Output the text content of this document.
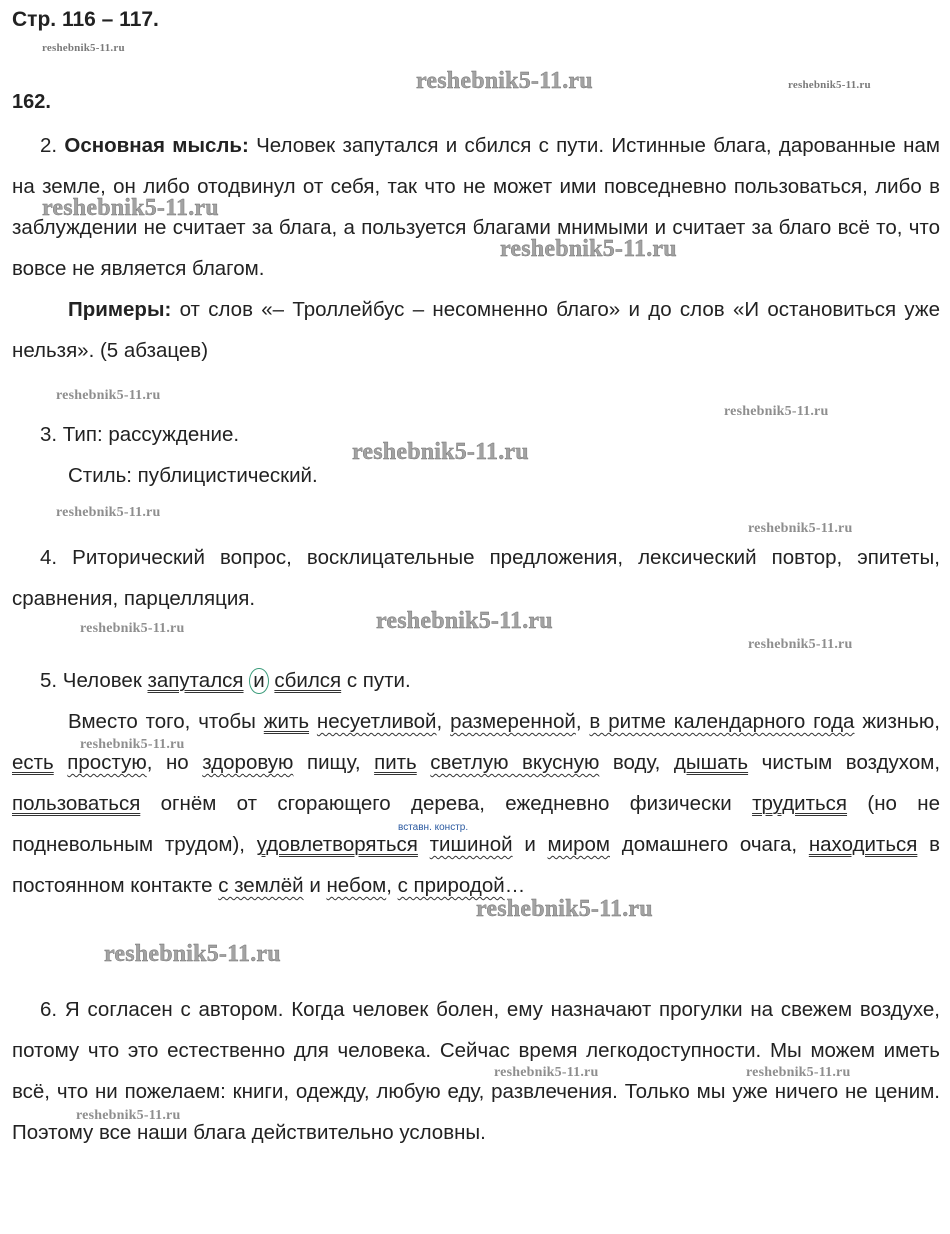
Стр. 116 – 117.
162.

2. Основная мысль: Человек запутался и сбился с пути. Истинные блага, дарованные нам на земле, он либо отодвинул от себя, так что не может ими повседневно пользоваться, либо в заблуждении не считает за блага, а пользуется благами мнимыми и считает за благо всё то, что вовсе не является благом.

Примеры: от слов «– Троллейбус – несомненно благо» и до слов «И остановиться уже нельзя». (5 абзацев)

3. Тип: рассуждение.
Стиль: публицистический.

4. Риторический вопрос, восклицательные предложения, лексический повтор, эпитеты, сравнения, парцелляция.

5. Человек запутался и сбился с пути.

Вместо того, чтобы жить несуетливой, размеренной, в ритме календарного года жизнью, есть простую, но здоровую пищу, пить светлую вкусную воду, дышать чистым воздухом, пользоваться огнём от сгорающего дерева, ежедневно физически трудиться (но не подневольным трудом), удовлетворяться тишиной и миром домашнего очага, находиться в постоянном контакте с землёй и небом, с природой…

вставн. констр.

6. Я согласен с автором. Когда человек болен, ему назначают прогулки на свежем воздухе, потому что это естественно для человека. Сейчас время легкодоступности. Мы можем иметь всё, что ни пожелаем: книги, одежду, любую еду, развлечения. Только мы уже ничего не ценим. Поэтому все наши блага действительно условны.

reshebnik5-11.ru
reshebnik5-11.ru	reshebnik5-11.ru
reshebnik5-11.ru
reshebnik5-11.ru
reshebnik5-11.ru
reshebnik5-11.ru
reshebnik5-11.ru
reshebnik5-11.ru
reshebnik5-11.ru
reshebnik5-11.ru	reshebnik5-11.ru
reshebnik5-11.ru
reshebnik5-11.ru
reshebnik5-11.ru
reshebnik5-11.ru
reshebnik5-11.ru	reshebnik5-11.ru
reshebnik5-11.ru
